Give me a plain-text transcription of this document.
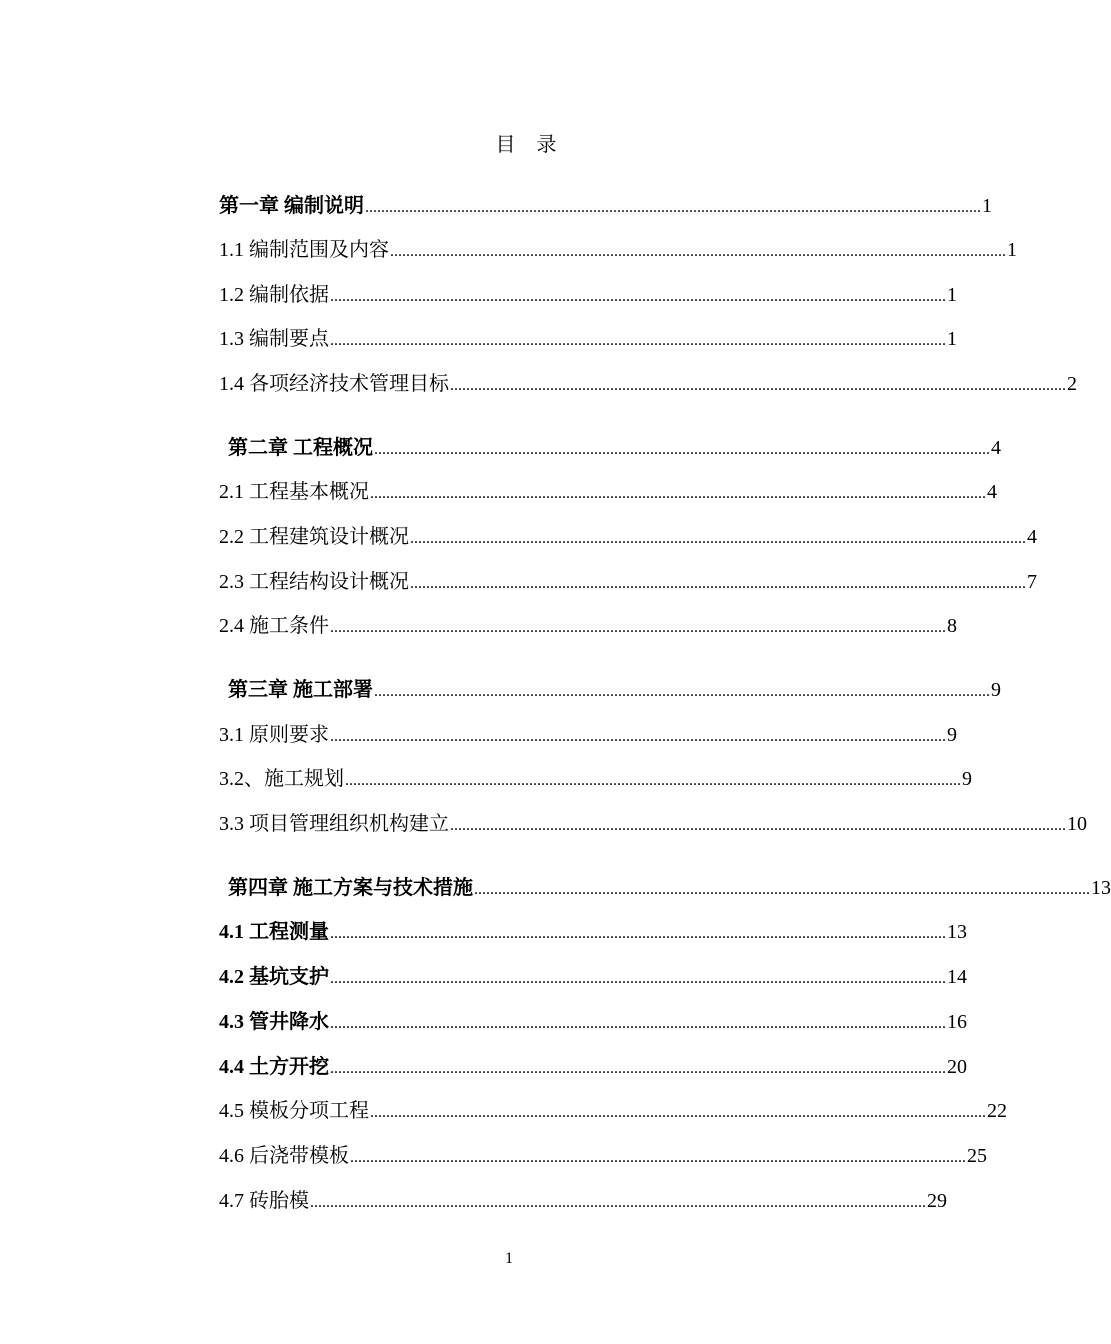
目 录
第一章 编制说明 .......................................................................................................................................................... 1
1.1 编制范围及内容 .......................................................................................................................................................... 1
1.2 编制依据 .......................................................................................................................................................... 1
1.3 编制要点 .......................................................................................................................................................... 1
1.4 各项经济技术管理目标 .......................................................................................................................................................... 2
第二章 工程概况 .......................................................................................................................................................... 4
2.1 工程基本概况 .......................................................................................................................................................... 4
2.2 工程建筑设计概况 .......................................................................................................................................................... 4
2.3 工程结构设计概况 .......................................................................................................................................................... 7
2.4 施工条件 .......................................................................................................................................................... 8
第三章 施工部署 .......................................................................................................................................................... 9
3.1 原则要求 .......................................................................................................................................................... 9
3.2、施工规划 .......................................................................................................................................................... 9
3.3 项目管理组织机构建立 .......................................................................................................................................................... 10
第四章 施工方案与技术措施 .......................................................................................................................................................... 13
4.1 工程测量 .......................................................................................................................................................... 13
4.2 基坑支护 .......................................................................................................................................................... 14
4.3 管井降水 .......................................................................................................................................................... 16
4.4 土方开挖 .......................................................................................................................................................... 20
4.5 模板分项工程 .......................................................................................................................................................... 22
4.6 后浇带模板 .......................................................................................................................................................... 25
4.7 砖胎模 .......................................................................................................................................................... 29
1
